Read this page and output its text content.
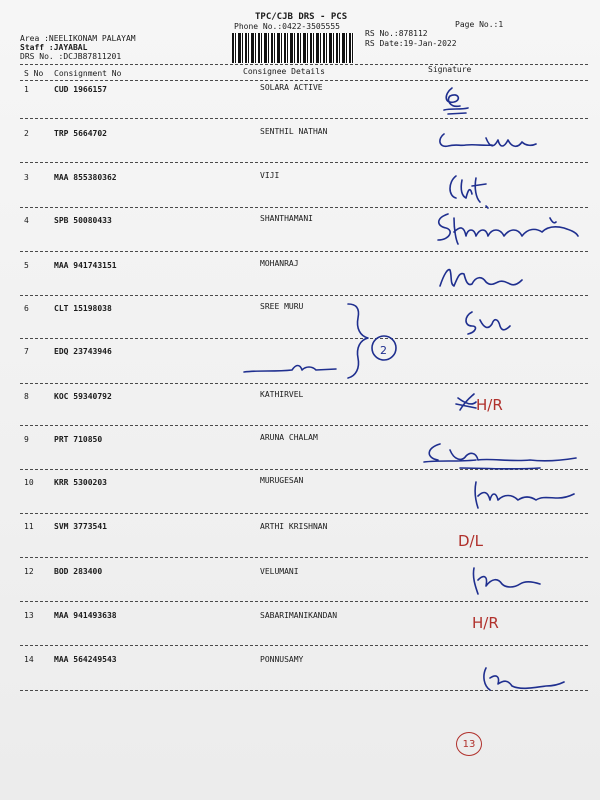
TPC/CJB DRS - PCS
Phone No.:0422-3505555	Page No.:1
Area :NEELIKONAM PALAYAM
Staff :JAYABAL
DRS No. :DCJB87811201
RS No.:878112
RS Date:19-Jan-2022
S No Consignment No	Consignee Details	Signature
1	CUD 1966157	SOLARA ACTIVE
2	TRP 5664702	SENTHIL NATHAN
3	MAA 855380362	VIJI
4	SPB 50080433	SHANTHAMANI
5	MAA 941743151	MOHANRAJ
6	CLT 15198038	SREE MURU
7	EDQ 23743946
8	KOC 59340792	KATHIRVEL
9	PRT 710850	ARUNA CHALAM
10	KRR 5300203	MURUGESAN
11	SVM 3773541	ARTHI KRISHNAN
12	BOD 283400	VELUMANI
13	MAA 941493638	SABARIMANIKANDAN
14	MAA 564249543	PONNUSAMY
2
H/R
D/L
H/R
13
